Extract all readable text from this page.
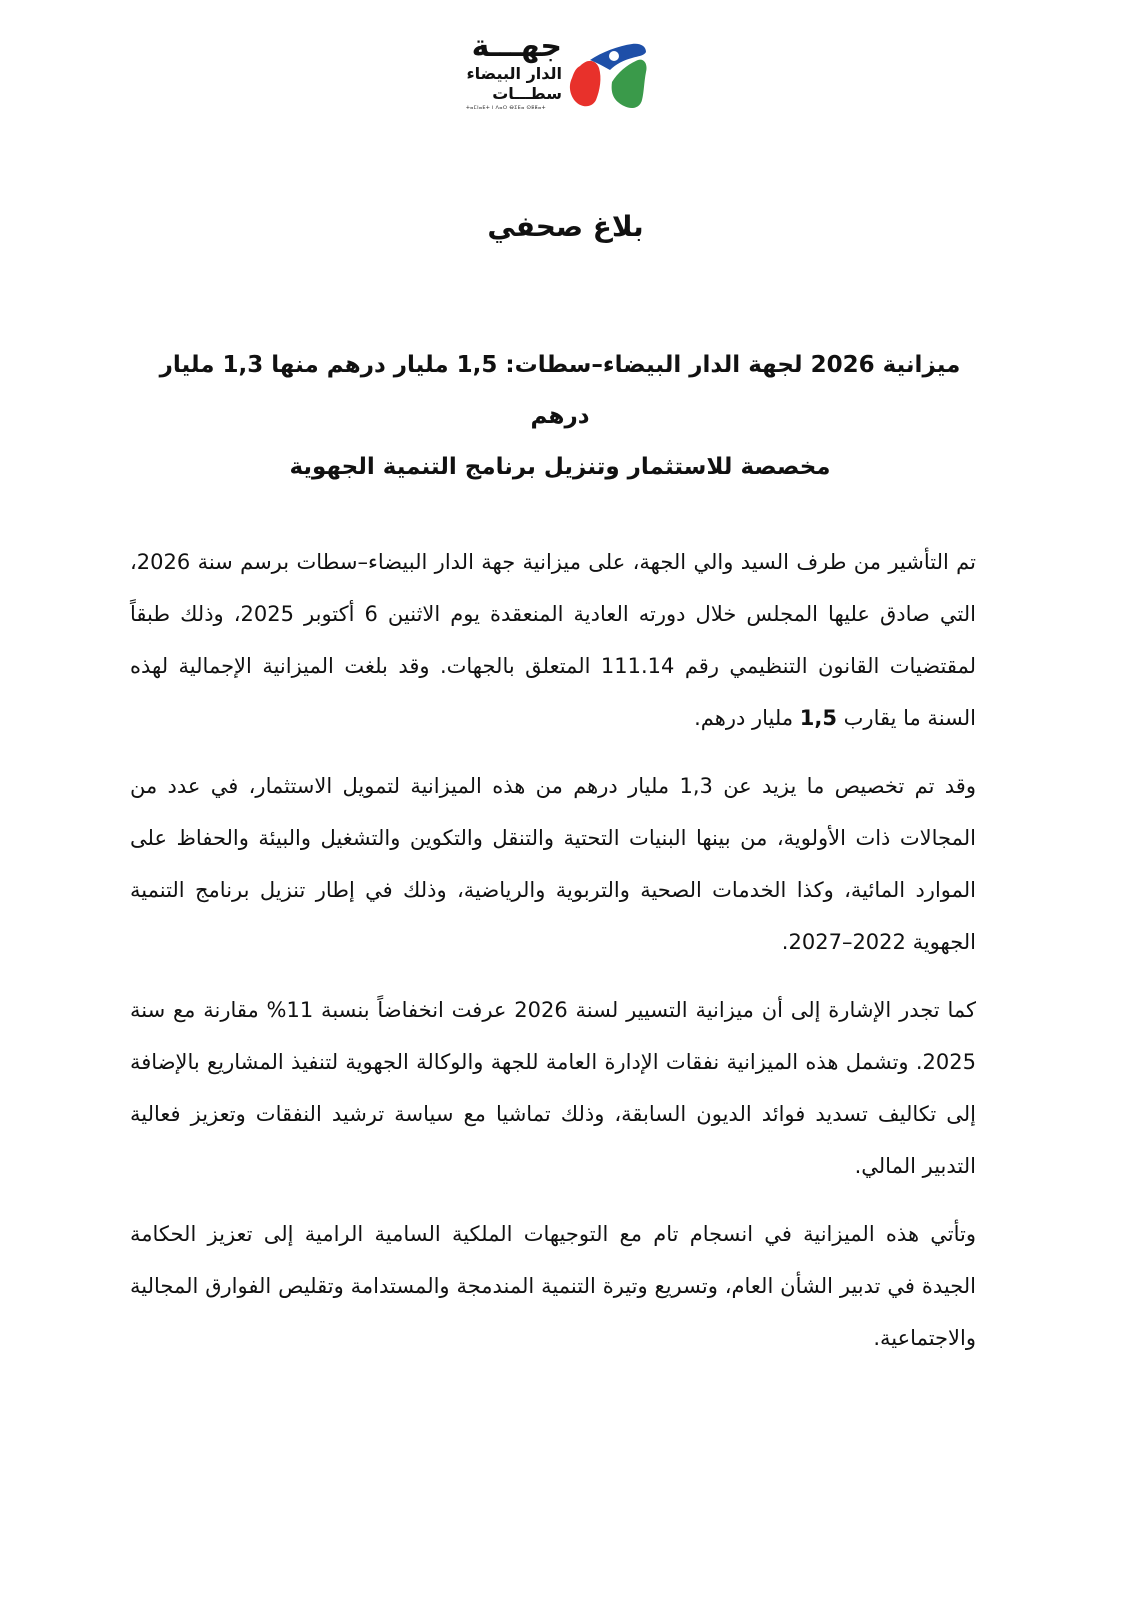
جهـــة
الدار البيضاء
سطـــات
ⵜⴰⵎⵏⴰⴹⵜ ⵏ ⴷⴰⵔ ⴱⵉⴹⴰ ⵙⵟⵟⴰⵜ
بلاغ صحفي
ميزانية 2026 لجهة الدار البيضاء–سطات: 1,5 مليار درهم منها 1,3 مليار درهم
مخصصة للاستثمار وتنزيل برنامج التنمية الجهوية

تم التأشير من طرف السيد والي الجهة، على ميزانية جهة الدار البيضاء–سطات برسم سنة 2026، التي صادق عليها المجلس خلال دورته العادية المنعقدة يوم الاثنين 6 أكتوبر 2025، وذلك طبقاً لمقتضيات القانون التنظيمي رقم 111.14 المتعلق بالجهات. وقد بلغت الميزانية الإجمالية لهذه السنة ما يقارب 1,5 مليار درهم.

وقد تم تخصيص ما يزيد عن 1,3 مليار درهم من هذه الميزانية لتمويل الاستثمار، في عدد من المجالات ذات الأولوية، من بينها البنيات التحتية والتنقل والتكوين والتشغيل والبيئة والحفاظ على الموارد المائية، وكذا الخدمات الصحية والتربوية والرياضية، وذلك في إطار تنزيل برنامج التنمية الجهوية 2022–2027.

كما تجدر الإشارة إلى أن ميزانية التسيير لسنة 2026 عرفت انخفاضاً بنسبة 11% مقارنة مع سنة 2025. وتشمل هذه الميزانية نفقات الإدارة العامة للجهة والوكالة الجهوية لتنفيذ المشاريع بالإضافة إلى تكاليف تسديد فوائد الديون السابقة، وذلك تماشيا مع سياسة ترشيد النفقات وتعزيز فعالية التدبير المالي.

وتأتي هذه الميزانية في انسجام تام مع التوجيهات الملكية السامية الرامية إلى تعزيز الحكامة الجيدة في تدبير الشأن العام، وتسريع وتيرة التنمية المندمجة والمستدامة وتقليص الفوارق المجالية والاجتماعية.
